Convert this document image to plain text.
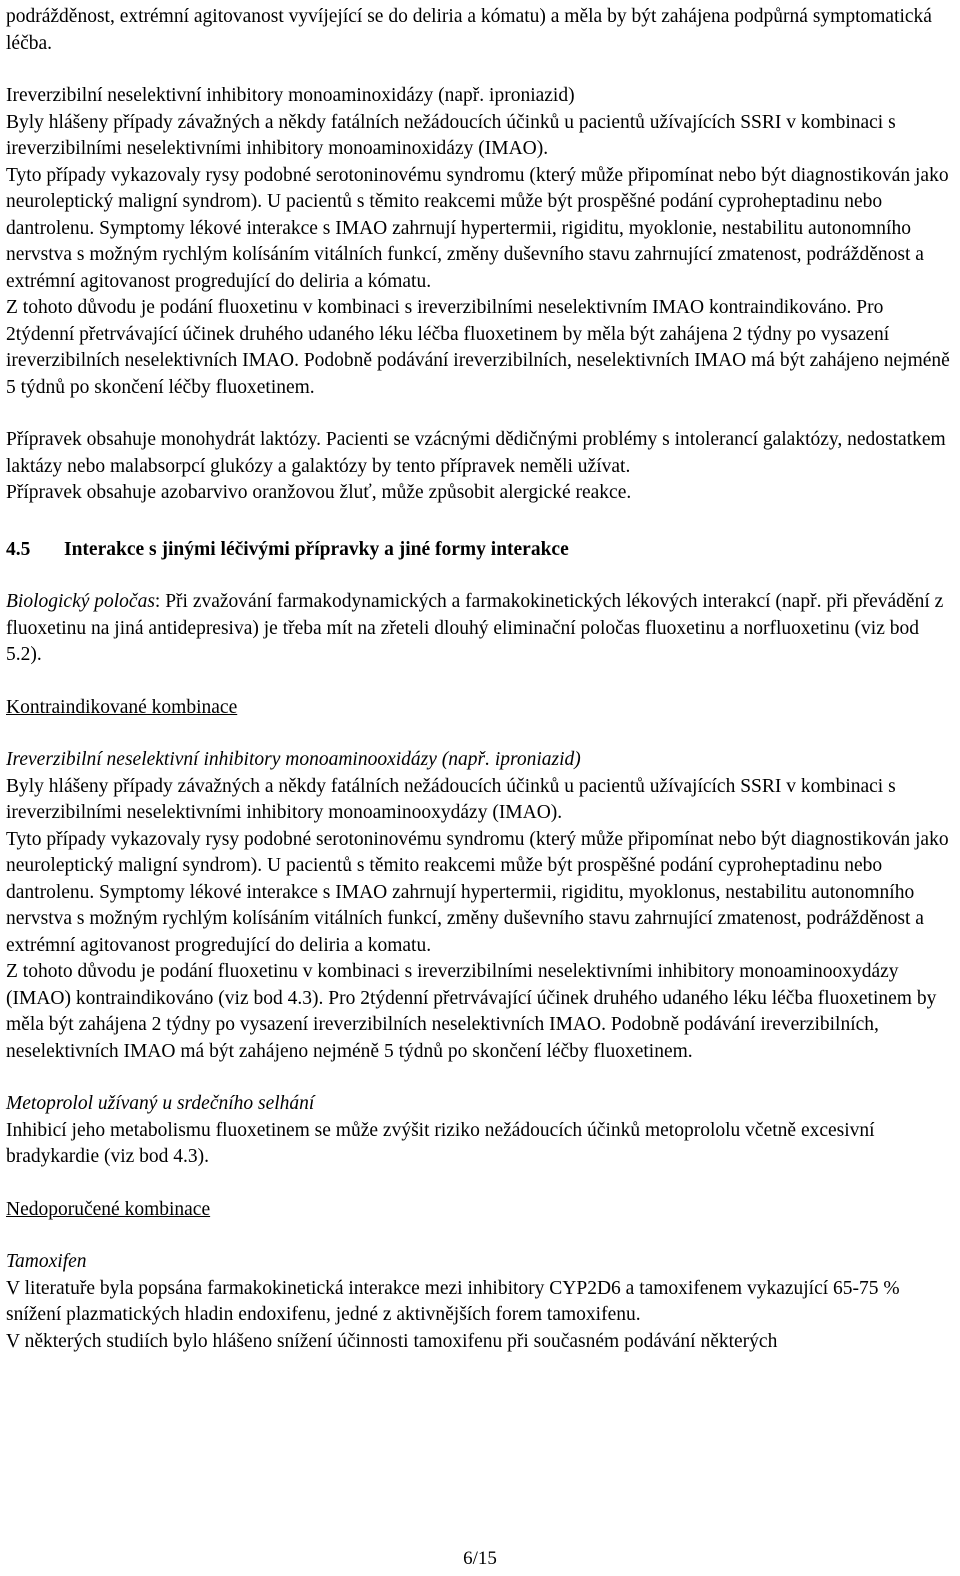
podrážděnost, extrémní agitovanost vyvíjející se do deliria a kómatu) a měla by být zahájena podpůrná symptomatická léčba.

Ireverzibilní neselektivní inhibitory monoaminoxidázy (např. iproniazid)

Byly hlášeny případy závažných a někdy fatálních nežádoucích účinků u pacientů užívajících SSRI v kombinaci s ireverzibilními neselektivními inhibitory monoaminoxidázy (IMAO).

Tyto případy vykazovaly rysy podobné serotoninovému syndromu (který může připomínat nebo být diagnostikován jako neuroleptický maligní syndrom). U pacientů s těmito reakcemi může být prospěšné podání cyproheptadinu nebo dantrolenu. Symptomy lékové interakce s IMAO zahrnují hypertermii, rigiditu, myoklonie, nestabilitu autonomního nervstva s možným rychlým kolísáním vitálních funkcí, změny duševního stavu zahrnující zmatenost, podrážděnost a extrémní agitovanost progredující do deliria a kómatu.

Z tohoto důvodu je podání fluoxetinu v kombinaci s ireverzibilními neselektivním IMAO kontraindikováno. Pro 2týdenní přetrvávající účinek druhého udaného léku léčba fluoxetinem by měla být zahájena 2 týdny po vysazení ireverzibilních neselektivních IMAO. Podobně podávání ireverzibilních, neselektivních IMAO má být zahájeno nejméně 5 týdnů po skončení léčby fluoxetinem.

Přípravek obsahuje monohydrát laktózy. Pacienti se vzácnými dědičnými problémy s intolerancí galaktózy, nedostatkem laktázy nebo malabsorpcí glukózy a galaktózy by tento přípravek neměli užívat.

Přípravek obsahuje azobarvivo oranžovou žluť, může způsobit alergické reakce.

4.5	Interakce s jinými léčivými přípravky a jiné formy interakce

Biologický poločas: Při zvažování farmakodynamických a farmakokinetických lékových interakcí (např. při převádění z fluoxetinu na jiná antidepresiva) je třeba mít na zřeteli dlouhý eliminační poločas fluoxetinu a norfluoxetinu (viz bod 5.2).

Kontraindikované kombinace

Ireverzibilní neselektivní inhibitory monoaminooxidázy (např. iproniazid)

Byly hlášeny případy závažných a někdy fatálních nežádoucích účinků u pacientů užívajících SSRI v kombinaci s ireverzibilními neselektivními inhibitory monoaminooxydázy (IMAO).

Tyto případy vykazovaly rysy podobné serotoninovému syndromu (který může připomínat nebo být diagnostikován jako neuroleptický maligní syndrom). U pacientů s těmito reakcemi může být prospěšné podání cyproheptadinu nebo dantrolenu. Symptomy lékové interakce s IMAO zahrnují hypertermii, rigiditu, myoklonus, nestabilitu autonomního nervstva s možným rychlým kolísáním vitálních funkcí, změny duševního stavu zahrnující zmatenost, podrážděnost a extrémní agitovanost progredující do deliria a komatu.

Z tohoto důvodu je podání fluoxetinu v kombinaci s ireverzibilními neselektivními inhibitory monoaminooxydázy (IMAO) kontraindikováno (viz bod 4.3). Pro 2týdenní přetrvávající účinek druhého udaného léku léčba fluoxetinem by měla být zahájena 2 týdny po vysazení ireverzibilních neselektivních IMAO. Podobně podávání ireverzibilních, neselektivních IMAO má být zahájeno nejméně 5 týdnů po skončení léčby fluoxetinem.

Metoprolol užívaný u srdečního selhání

Inhibicí jeho metabolismu fluoxetinem se může zvýšit riziko nežádoucích účinků metoprololu včetně excesivní bradykardie (viz bod 4.3).

Nedoporučené kombinace

Tamoxifen

V literatuře byla popsána farmakokinetická interakce mezi inhibitory CYP2D6 a tamoxifenem vykazující 65-75 % snížení plazmatických hladin endoxifenu, jedné z aktivnějších forem tamoxifenu.

V některých studiích bylo hlášeno snížení účinnosti tamoxifenu při současném podávání některých

6/15
